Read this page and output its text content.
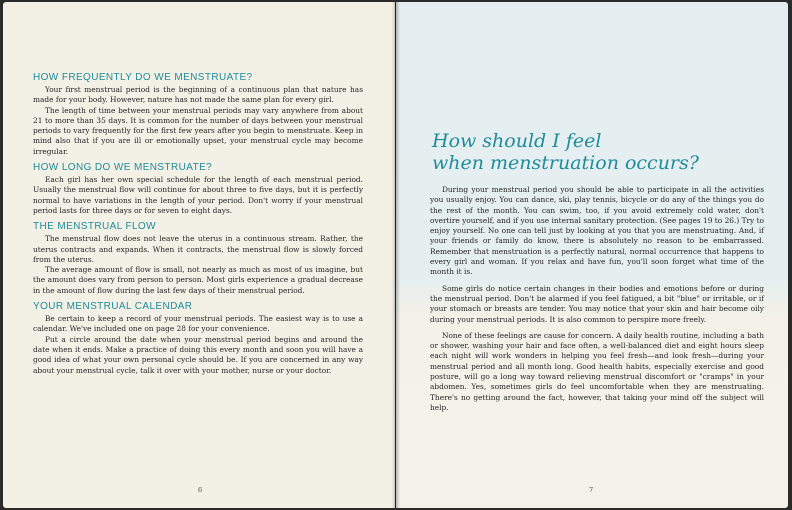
HOW FREQUENTLY DO WE MENSTRUATE?

Your first menstrual period is the beginning of a continuous plan that nature has made for your body. However, nature has not made the same plan for every girl.

The length of time between your menstrual periods may vary anywhere from about 21 to more than 35 days. It is common for the number of days between your menstrual periods to vary frequently for the first few years after you begin to menstruate. Keep in mind also that if you are ill or emotionally upset, your menstrual cycle may become irregular.

HOW LONG DO WE MENSTRUATE?

Each girl has her own special schedule for the length of each menstrual period. Usually the menstrual flow will continue for about three to five days, but it is perfectly normal to have variations in the length of your period. Don't worry if your menstrual period lasts for three days or for seven to eight days.

THE MENSTRUAL FLOW

The menstrual flow does not leave the uterus in a continuous stream. Rather, the uterus contracts and expands. When it contracts, the menstrual flow is slowly forced from the uterus.

The average amount of flow is small, not nearly as much as most of us imagine, but the amount does vary from person to person. Most girls experience a gradual decrease in the amount of flow during the last few days of their menstrual period.

YOUR MENSTRUAL CALENDAR

Be certain to keep a record of your menstrual periods. The easiest way is to use a calendar. We've included one on page 28 for your convenience.

Put a circle around the date when your menstrual period begins and around the date when it ends. Make a practice of doing this every month and soon you will have a good idea of what your own personal cycle should be. If you are concerned in any way about your menstrual cycle, talk it over with your mother, nurse or your doctor.

6
How should I feel
when menstruation occurs?

During your menstrual period you should be able to participate in all the activities you usually enjoy. You can dance, ski, play tennis, bicycle or do any of the things you do the rest of the month. You can swim, too, if you avoid extremely cold water, don't overtire yourself, and if you use internal sanitary protection. (See pages 19 to 26.) Try to enjoy yourself. No one can tell just by looking at you that you are menstruating. And, if your friends or family do know, there is absolutely no reason to be embarrassed. Remember that menstruation is a perfectly natural, normal occurrence that happens to every girl and woman. If you relax and have fun, you'll soon forget what time of the month it is.

Some girls do notice certain changes in their bodies and emotions before or during the menstrual period. Don't be alarmed if you feel fatigued, a bit "blue" or irritable, or if your stomach or breasts are tender. You may notice that your skin and hair become oily during your menstrual periods. It is also common to perspire more freely.

None of these feelings are cause for concern. A daily health routine, including a bath or shower, washing your hair and face often, a well-balanced diet and eight hours sleep each night will work wonders in helping you feel fresh—and look fresh—during your menstrual period and all month long. Good health habits, especially exercise and good posture, will go a long way toward relieving menstrual discomfort or "cramps" in your abdomen. Yes, sometimes girls do feel uncomfortable when they are menstruating. There's no getting around the fact, however, that taking your mind off the subject will help.

7
